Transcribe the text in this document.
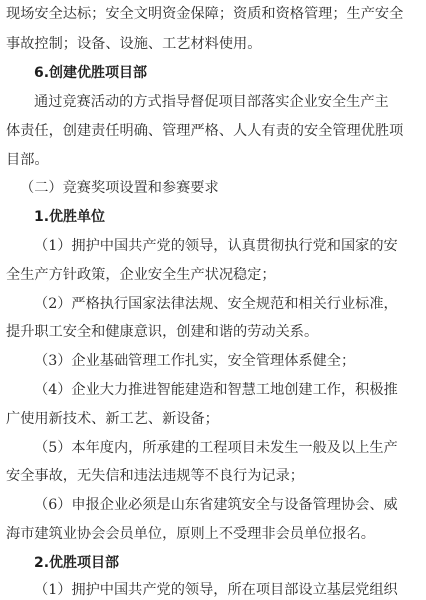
现场安全达标；安全文明资金保障；资质和资格管理；生产安全
事故控制；设备、设施、工艺材料使用。
6.创建优胜项目部
通过竞赛活动的方式指导督促项目部落实企业安全生产主
体责任，创建责任明确、管理严格、人人有责的安全管理优胜项
目部。
（二）竞赛奖项设置和参赛要求
1.优胜单位
（1）拥护中国共产党的领导，认真贯彻执行党和国家的安
全生产方针政策，企业安全生产状况稳定；
（2）严格执行国家法律法规、安全规范和相关行业标准，
提升职工安全和健康意识，创建和谐的劳动关系。
（3）企业基础管理工作扎实，安全管理体系健全；
（4）企业大力推进智能建造和智慧工地创建工作，积极推
广使用新技术、新工艺、新设备；
（5）本年度内，所承建的工程项目未发生一般及以上生产
安全事故，无失信和违法违规等不良行为记录；
（6）申报企业必须是山东省建筑安全与设备管理协会、威
海市建筑业协会会员单位，原则上不受理非会员单位报名。
2.优胜项目部
（1）拥护中国共产党的领导，所在项目部设立基层党组织
